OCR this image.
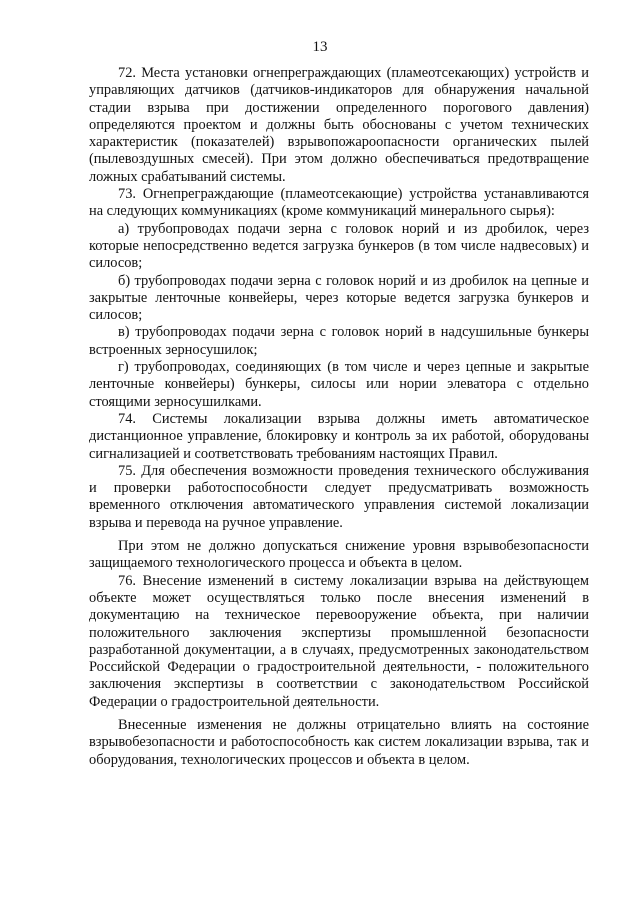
13

72. Места установки огнепреграждающих (пламеотсекающих) устройств и управляющих датчиков (датчиков-индикаторов для обнаружения начальной стадии взрыва при достижении определенного порогового давления) определяются проектом и должны быть обоснованы с учетом технических характеристик (показателей) взрывопожароопасности органических пылей (пылевоздушных смесей). При этом должно обеспечиваться предотвращение ложных срабатываний системы.

73. Огнепреграждающие (пламеотсекающие) устройства устанавливаются на следующих коммуникациях (кроме коммуникаций минерального сырья):

а) трубопроводах подачи зерна с головок норий и из дробилок, через которые непосредственно ведется загрузка бункеров (в том числе надвесовых) и силосов;

б) трубопроводах подачи зерна с головок норий и из дробилок на цепные и закрытые ленточные конвейеры, через которые ведется загрузка бункеров и силосов;

в) трубопроводах подачи зерна с головок норий в надсушильные бункеры встроенных зерносушилок;

г) трубопроводах, соединяющих (в том числе и через цепные и закрытые ленточные конвейеры) бункеры, силосы или нории элеватора с отдельно стоящими зерносушилками.

74. Системы локализации взрыва должны иметь автоматическое дистанционное управление, блокировку и контроль за их работой, оборудованы сигнализацией и соответствовать требованиям настоящих Правил.

75. Для обеспечения возможности проведения технического обслуживания и проверки работоспособности следует предусматривать возможность временного отключения автоматического управления системой локализации взрыва и перевода на ручное управление.

При этом не должно допускаться снижение уровня взрывобезопасности защищаемого технологического процесса и объекта в целом.

76. Внесение изменений в систему локализации взрыва на действующем объекте может осуществляться только после внесения изменений в документацию на техническое перевооружение объекта, при наличии положительного заключения экспертизы промышленной безопасности разработанной документации, а в случаях, предусмотренных законодательством Российской Федерации о градостроительной деятельности, - положительного заключения экспертизы в соответствии с законодательством Российской Федерации о градостроительной деятельности.

Внесенные изменения не должны отрицательно влиять на состояние взрывобезопасности и работоспособность как систем локализации взрыва, так и оборудования, технологических процессов и объекта в целом.
